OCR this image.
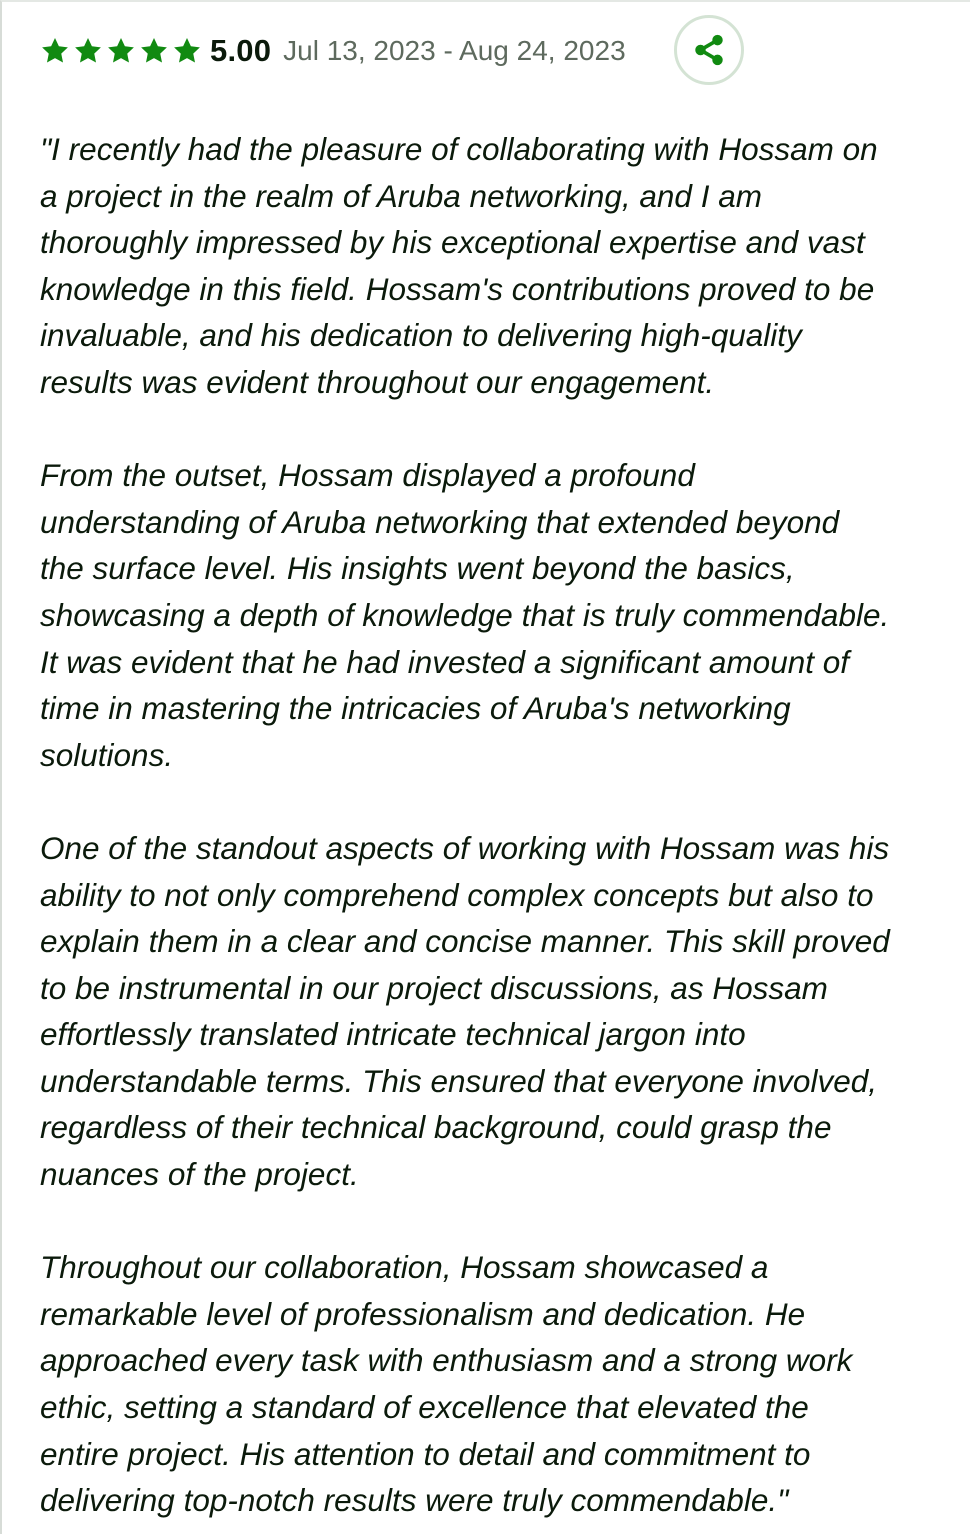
5.00 Jul 13, 2023 - Aug 24, 2023

"I recently had the pleasure of collaborating with Hossam on
a project in the realm of Aruba networking, and I am
thoroughly impressed by his exceptional expertise and vast
knowledge in this field. Hossam's contributions proved to be
invaluable, and his dedication to delivering high-quality
results was evident throughout our engagement.

From the outset, Hossam displayed a profound
understanding of Aruba networking that extended beyond
the surface level. His insights went beyond the basics,
showcasing a depth of knowledge that is truly commendable.
It was evident that he had invested a significant amount of
time in mastering the intricacies of Aruba's networking
solutions.

One of the standout aspects of working with Hossam was his
ability to not only comprehend complex concepts but also to
explain them in a clear and concise manner. This skill proved
to be instrumental in our project discussions, as Hossam
effortlessly translated intricate technical jargon into
understandable terms. This ensured that everyone involved,
regardless of their technical background, could grasp the
nuances of the project.

Throughout our collaboration, Hossam showcased a
remarkable level of professionalism and dedication. He
approached every task with enthusiasm and a strong work
ethic, setting a standard of excellence that elevated the
entire project. His attention to detail and commitment to
delivering top-notch results were truly commendable."
